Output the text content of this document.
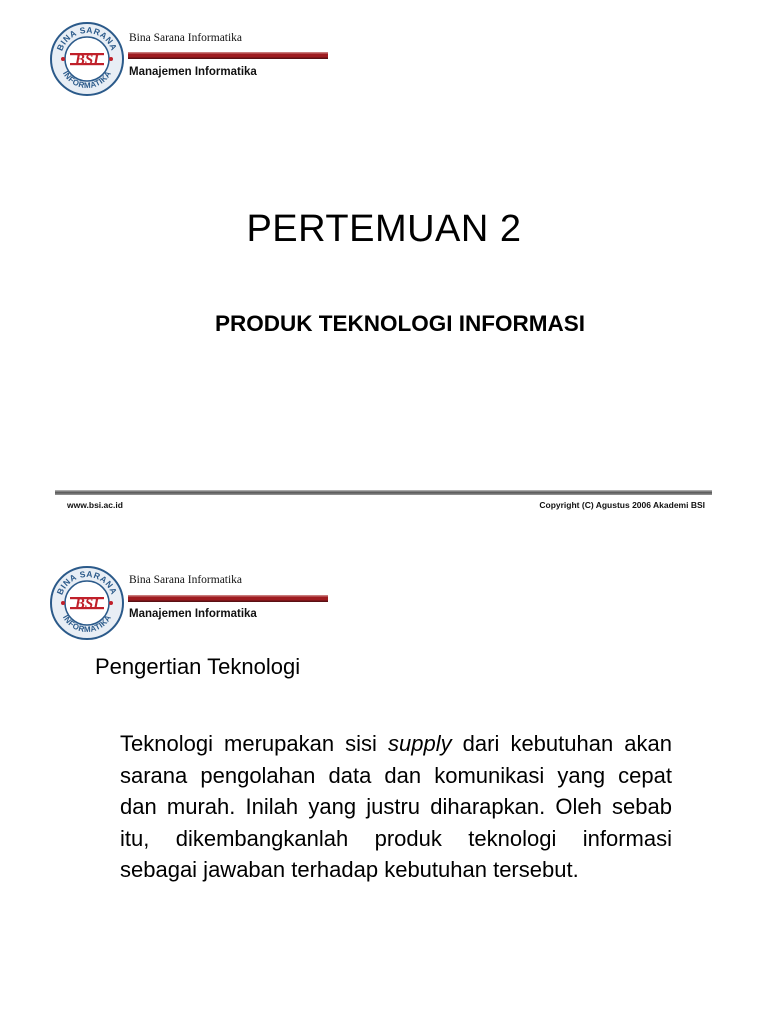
Bina Sarana Informatika
Manajemen Informatika
PERTEMUAN 2
PRODUK TEKNOLOGI INFORMASI
www.bsi.ac.id	Copyright (C) Agustus 2006 Akademi BSI
Bina Sarana Informatika
Manajemen Informatika
Pengertian Teknologi

Teknologi merupakan sisi supply dari kebutuhan akan sarana pengolahan data dan komunikasi yang cepat dan murah. Inilah yang justru diharapkan. Oleh sebab itu, dikembangkanlah produk teknologi informasi sebagai jawaban terhadap kebutuhan tersebut.
